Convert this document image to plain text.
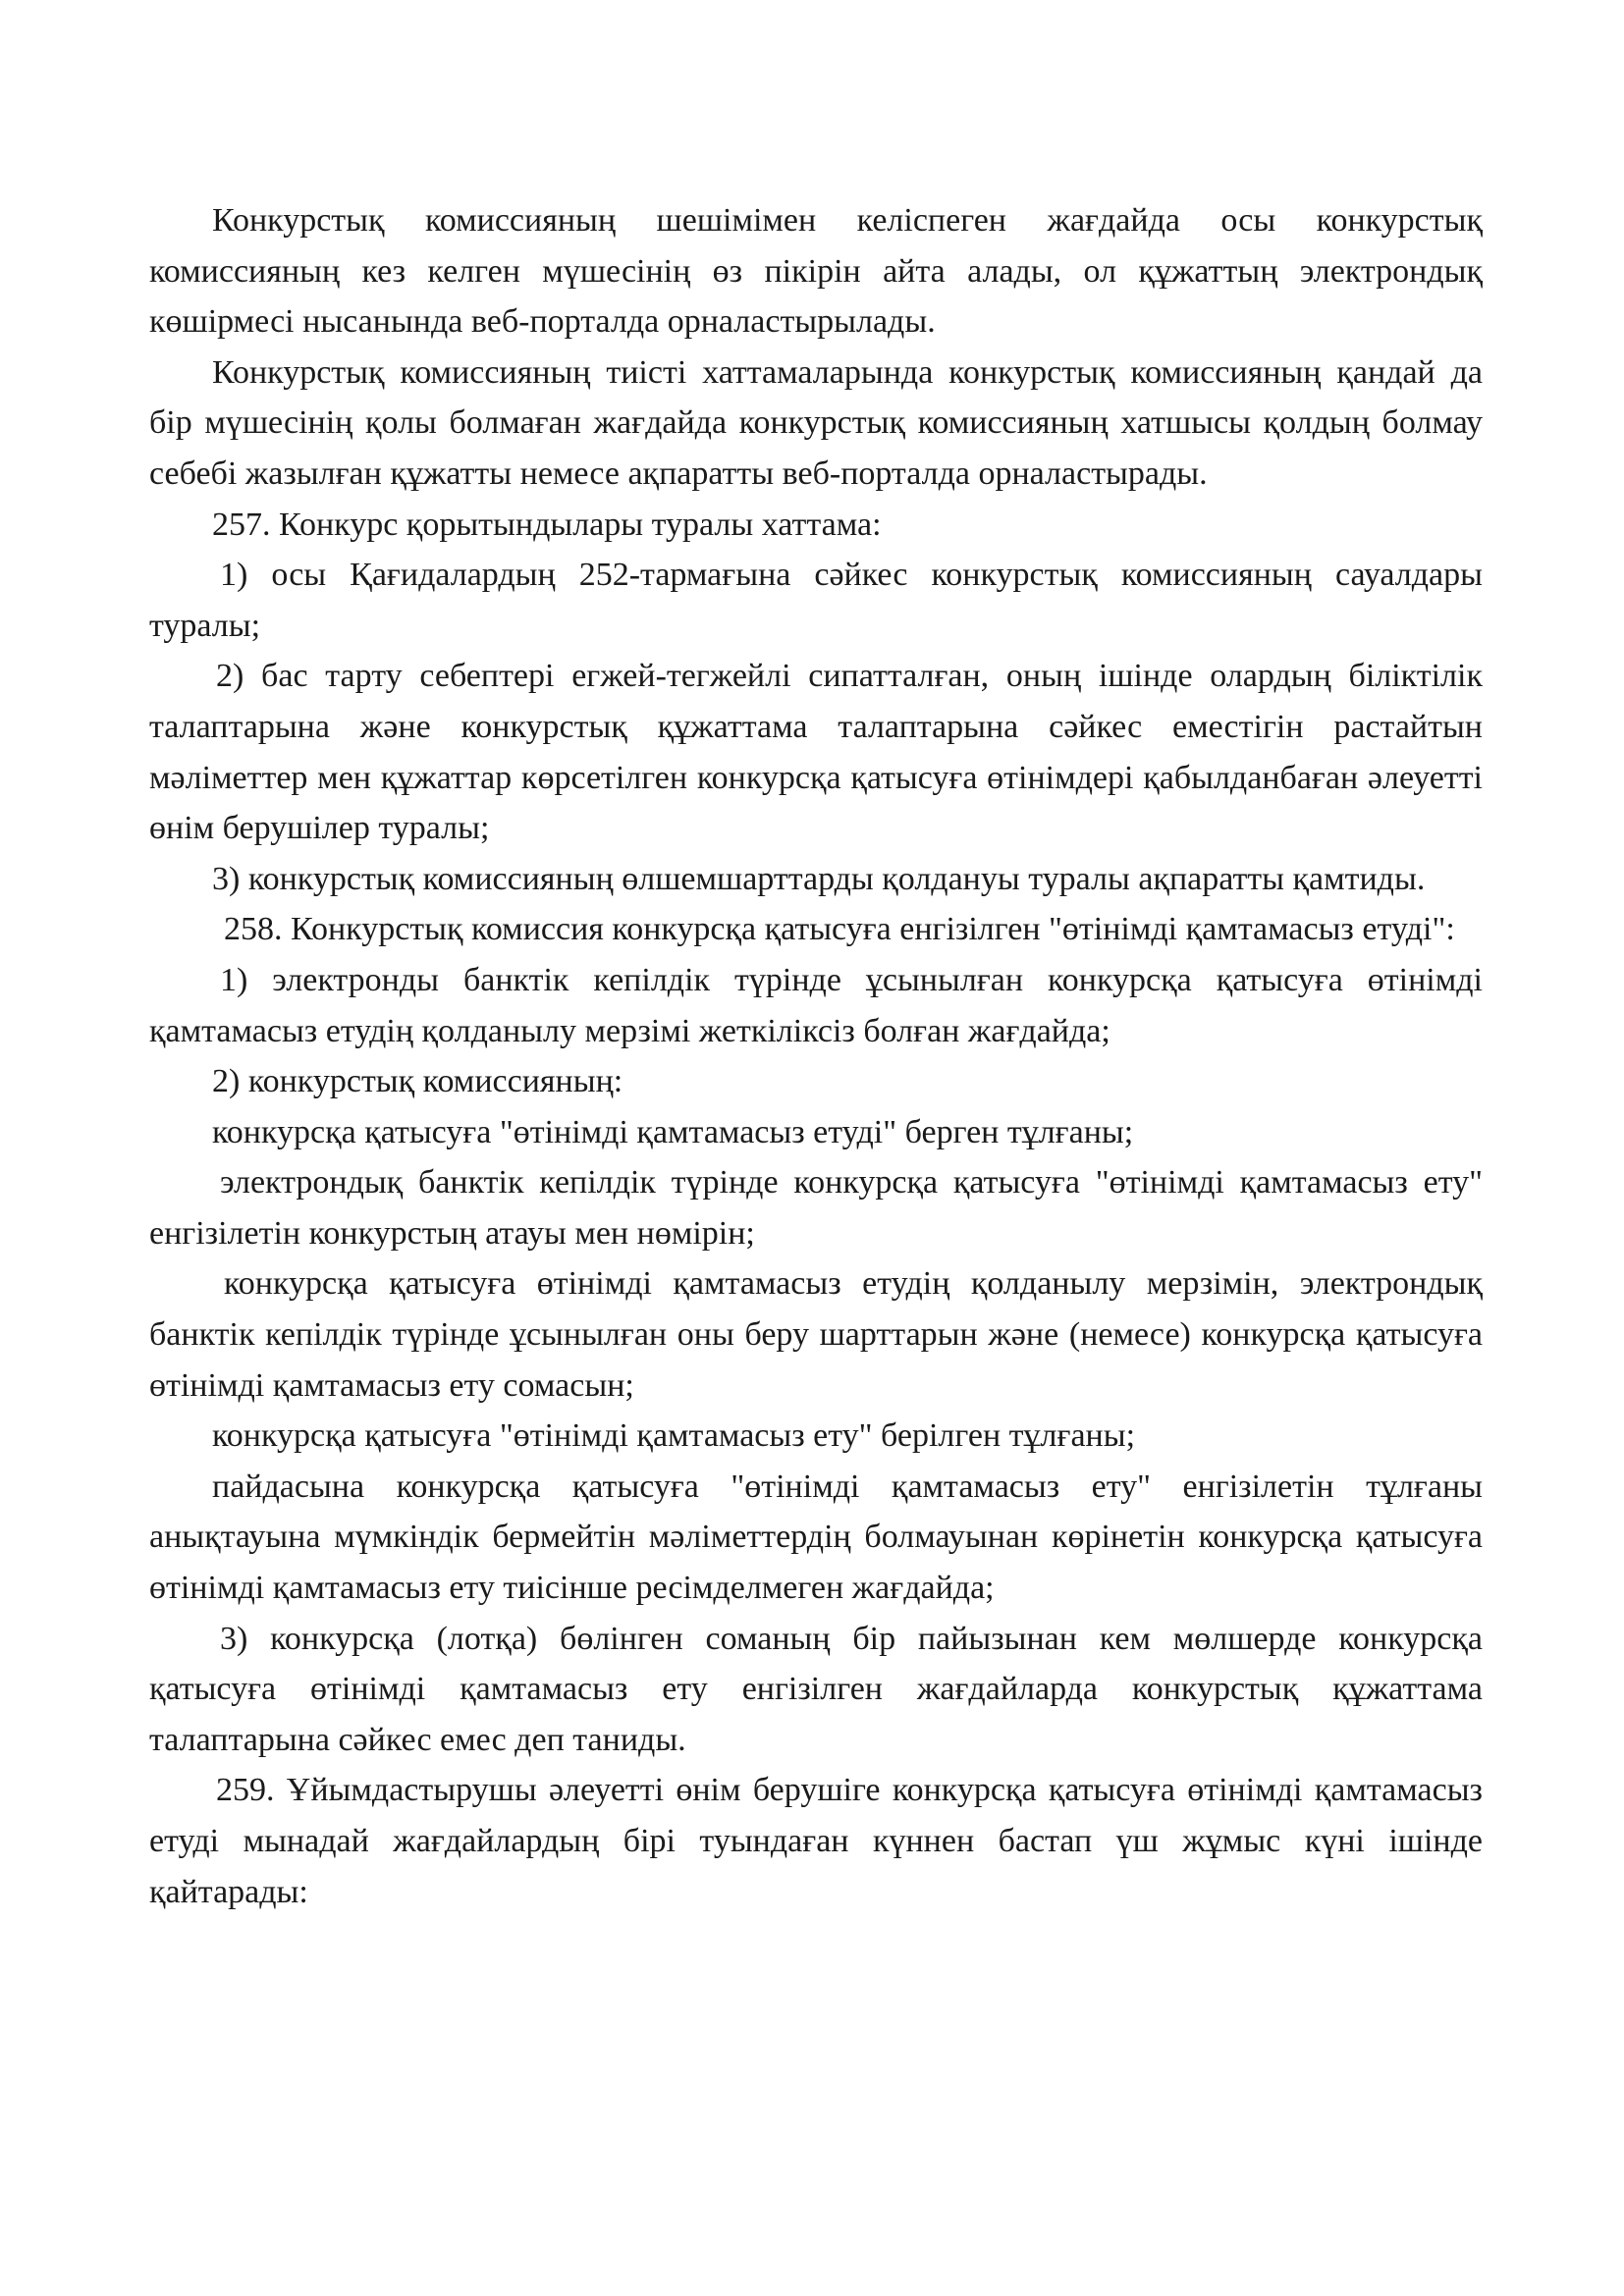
Конкурстық комиссияның шешімімен келіспеген жағдайда осы конкурстық комиссияның кез келген мүшесінің өз пікірін айта алады, ол құжаттың электрондық көшірмесі нысанында веб-порталда орналастырылады.

Конкурстық комиссияның тиісті хаттамаларында конкурстық комиссияның қандай да бір мүшесінің қолы болмаған жағдайда конкурстық комиссияның хатшысы қолдың болмау себебі жазылған құжатты немесе ақпаратты веб-порталда орналастырады.

257. Конкурс қорытындылары туралы хаттама:

1) осы Қағидалардың 252-тармағына сәйкес конкурстық комиссияның сауалдары туралы;

2) бас тарту себептері егжей-тегжейлі сипатталған, оның ішінде олардың біліктілік талаптарына және конкурстық құжаттама талаптарына сәйкес еместігін растайтын мәліметтер мен құжаттар көрсетілген конкурсқа қатысуға өтінімдері қабылданбаған әлеуетті өнім берушілер туралы;

3) конкурстық комиссияның өлшемшарттарды қолдануы туралы ақпаратты қамтиды.

258. Конкурстық комиссия конкурсқа қатысуға енгізілген "өтінімді қамтамасыз етуді":

1) электронды банктік кепілдік түрінде ұсынылған конкурсқа қатысуға өтінімді қамтамасыз етудің қолданылу мерзімі жеткіліксіз болған жағдайда;

2) конкурстық комиссияның:

конкурсқа қатысуға "өтінімді қамтамасыз етуді" берген тұлғаны;

электрондық банктік кепілдік түрінде конкурсқа қатысуға "өтінімді қамтамасыз ету" енгізілетін конкурстың атауы мен нөмірін;

конкурсқа қатысуға өтінімді қамтамасыз етудің қолданылу мерзімін, электрондық банктік кепілдік түрінде ұсынылған оны беру шарттарын және (немесе) конкурсқа қатысуға өтінімді қамтамасыз ету сомасын;

конкурсқа қатысуға "өтінімді қамтамасыз ету" берілген тұлғаны;

пайдасына конкурсқа қатысуға "өтінімді қамтамасыз ету" енгізілетін тұлғаны анықтауына мүмкіндік бермейтін мәліметтердің болмауынан көрінетін конкурсқа қатысуға өтінімді қамтамасыз ету тиісінше ресімделмеген жағдайда;

3) конкурсқа (лотқа) бөлінген соманың бір пайызынан кем мөлшерде конкурсқа қатысуға өтінімді қамтамасыз ету енгізілген жағдайларда конкурстық құжаттама талаптарына сәйкес емес деп таниды.

259. Ұйымдастырушы әлеуетті өнім берушіге конкурсқа қатысуға өтінімді қамтамасыз етуді мынадай жағдайлардың бірі туындаған күннен бастап үш жұмыс күні ішінде қайтарады:
